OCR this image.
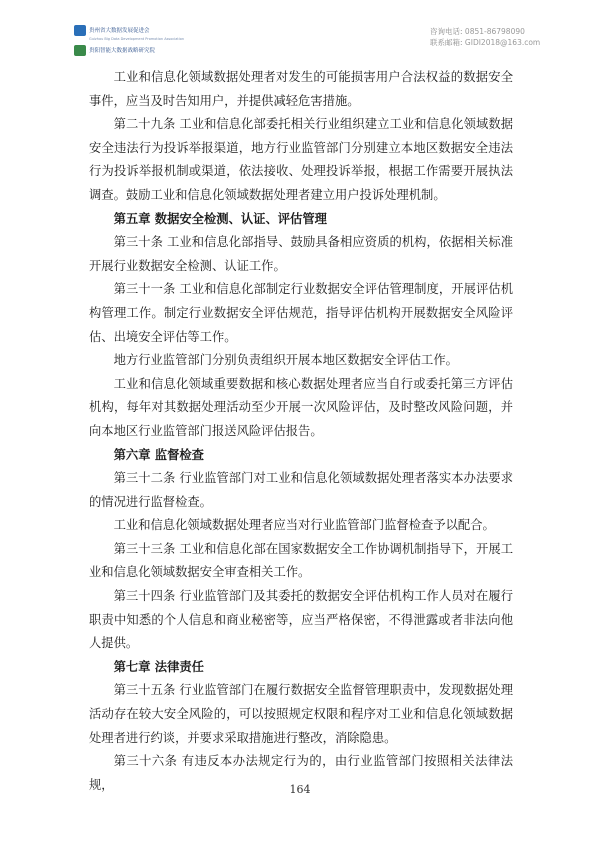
贵州省大数据发展促进会
Guizhou Big Data Development Promotion Association
贵阳智能大数据战略研究院
咨询电话: 0851-86798090
联系邮箱: GIDI2018@163.com

工业和信息化领域数据处理者对发生的可能损害用户合法权益的数据安全事件，应当及时告知用户，并提供减轻危害措施。

第二十九条 工业和信息化部委托相关行业组织建立工业和信息化领域数据安全违法行为投诉举报渠道，地方行业监管部门分别建立本地区数据安全违法行为投诉举报机制或渠道，依法接收、处理投诉举报，根据工作需要开展执法调查。鼓励工业和信息化领域数据处理者建立用户投诉处理机制。

第五章 数据安全检测、认证、评估管理

第三十条 工业和信息化部指导、鼓励具备相应资质的机构，依据相关标准开展行业数据安全检测、认证工作。

第三十一条 工业和信息化部制定行业数据安全评估管理制度，开展评估机构管理工作。制定行业数据安全评估规范，指导评估机构开展数据安全风险评估、出境安全评估等工作。

地方行业监管部门分别负责组织开展本地区数据安全评估工作。

工业和信息化领域重要数据和核心数据处理者应当自行或委托第三方评估机构，每年对其数据处理活动至少开展一次风险评估，及时整改风险问题，并向本地区行业监管部门报送风险评估报告。

第六章 监督检查

第三十二条 行业监管部门对工业和信息化领域数据处理者落实本办法要求的情况进行监督检查。

工业和信息化领域数据处理者应当对行业监管部门监督检查予以配合。

第三十三条 工业和信息化部在国家数据安全工作协调机制指导下，开展工业和信息化领域数据安全审查相关工作。

第三十四条 行业监管部门及其委托的数据安全评估机构工作人员对在履行职责中知悉的个人信息和商业秘密等，应当严格保密，不得泄露或者非法向他人提供。

第七章 法律责任

第三十五条 行业监管部门在履行数据安全监督管理职责中，发现数据处理活动存在较大安全风险的，可以按照规定权限和程序对工业和信息化领域数据处理者进行约谈，并要求采取措施进行整改，消除隐患。

第三十六条 有违反本办法规定行为的，由行业监管部门按照相关法律法规，	164
